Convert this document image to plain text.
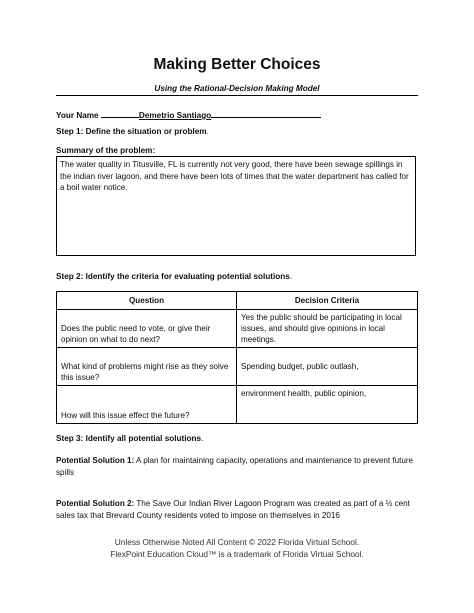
Making Better Choices
Using the Rational-Decision Making Model
Your Name	Demetrio Santiago
Step 1: Define the situation or problem.
Summary of the problem:
The water quality in Titusville, FL is currently not very good, there have been sewage spillings in the indian river lagoon, and there have been lots of times that the water department has called for a boil water notice.
Step 2: Identify the criteria for evaluating potential solutions.
Question	Decision Criteria
Does the public need to vote, or give their opinion on what to do next?	Yes the public should be participating in local issues, and should give opinions in local meetings.
What kind of problems might rise as they solve this issue?	Spending budget, public outlash,
How will this issue effect the future?	environment health, public opinion,
Step 3: Identify all potential solutions.
Potential Solution 1: A plan for maintaining capacity, operations and maintenance to prevent future spills
Potential Solution 2: The Save Our Indian River Lagoon Program was created as part of a ½ cent sales tax that Brevard County residents voted to impose on themselves in 2016
Unless Otherwise Noted All Content © 2022 Florida Virtual School.
FlexPoint Education Cloud™ is a trademark of Florida Virtual School.
